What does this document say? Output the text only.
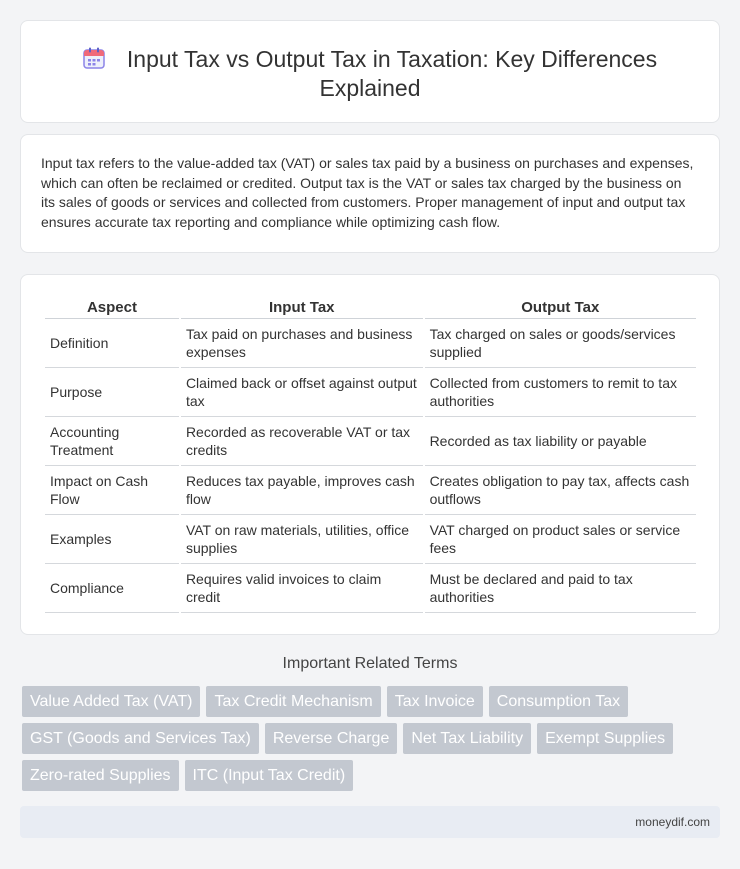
Input Tax vs Output Tax in Taxation: Key Differences Explained

Input tax refers to the value-added tax (VAT) or sales tax paid by a business on purchases and expenses, which can often be reclaimed or credited. Output tax is the VAT or sales tax charged by the business on its sales of goods or services and collected from customers. Proper management of input and output tax ensures accurate tax reporting and compliance while optimizing cash flow.

Aspect	Input Tax	Output Tax
Definition	Tax paid on purchases and business expenses	Tax charged on sales or goods/services supplied
Purpose	Claimed back or offset against output tax	Collected from customers to remit to tax authorities
Accounting Treatment	Recorded as recoverable VAT or tax credits	Recorded as tax liability or payable
Impact on Cash Flow	Reduces tax payable, improves cash flow	Creates obligation to pay tax, affects cash outflows
Examples	VAT on raw materials, utilities, office supplies	VAT charged on product sales or service fees
Compliance	Requires valid invoices to claim credit	Must be declared and paid to tax authorities
Important Related Terms
Value Added Tax (VAT)	Tax Credit Mechanism	Tax Invoice	Consumption Tax
GST (Goods and Services Tax)	Reverse Charge	Net Tax Liability	Exempt Supplies
Zero-rated Supplies	ITC (Input Tax Credit)
moneydif.com
